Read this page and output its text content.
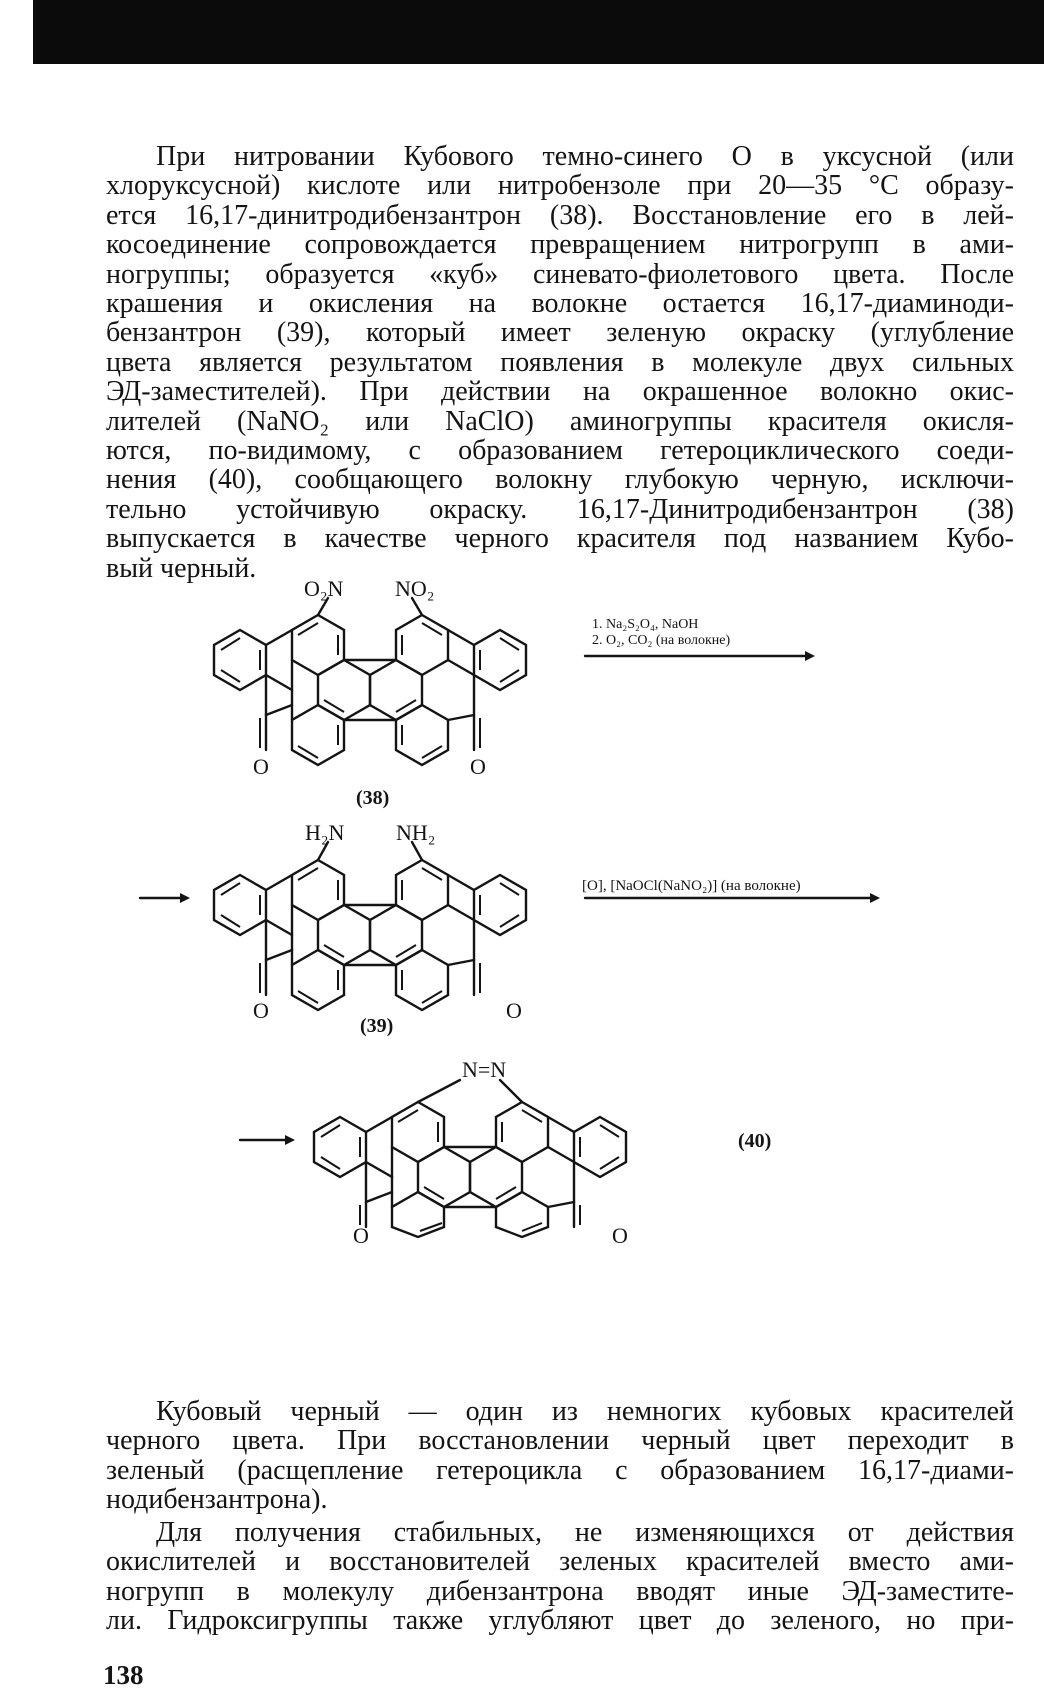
При нитровании Кубового темно-синего О в уксусной (или
хлоруксусной) кислоте или нитробензоле при 20—35 °С образу-
ется 16,17-динитродибензантрон (38). Восстановление его в лей-
косоединение сопровождается превращением нитрогрупп в ами-
ногруппы; образуется «куб» синевато-фиолетового цвета. После
крашения и окисления на волокне остается 16,17-диаминоди-
бензантрон (39), который имеет зеленую окраску (углубление
цвета является результатом появления в молекуле двух сильных
ЭД-заместителей). При действии на окрашенное волокно окис-
лителей (NaNO₂ или NaClO) аминогруппы красителя окисля-
ются, по-видимому, с образованием гетероциклического соеди-
нения (40), сообщающего волокну глубокую черную, исключи-
тельно устойчивую окраску. 16,17-Динитродибензантрон (38)
выпускается в качестве черного красителя под названием Кубо-
вый черный.
O₂N NO₂
O	O
1. Na₂S₂O₄, NaOH
2. O₂, CO₂ (на волокне)
(38)
H₂N NH₂
O	O
[O], [NaOCl(NaNO₂)] (на волокне)
(39)
N=N
O	O
(40)
Кубовый черный — один из немногих кубовых красителей
черного цвета. При восстановлении черный цвет переходит в
зеленый (расщепление гетероцикла с образованием 16,17-диами-
нодибензантрона).
Для получения стабильных, не изменяющихся от действия
окислителей и восстановителей зеленых красителей вместо ами-
ногрупп в молекулу дибензантрона вводят иные ЭД-заместите-
ли. Гидроксигруппы также углубляют цвет до зеленого, но при-
138
